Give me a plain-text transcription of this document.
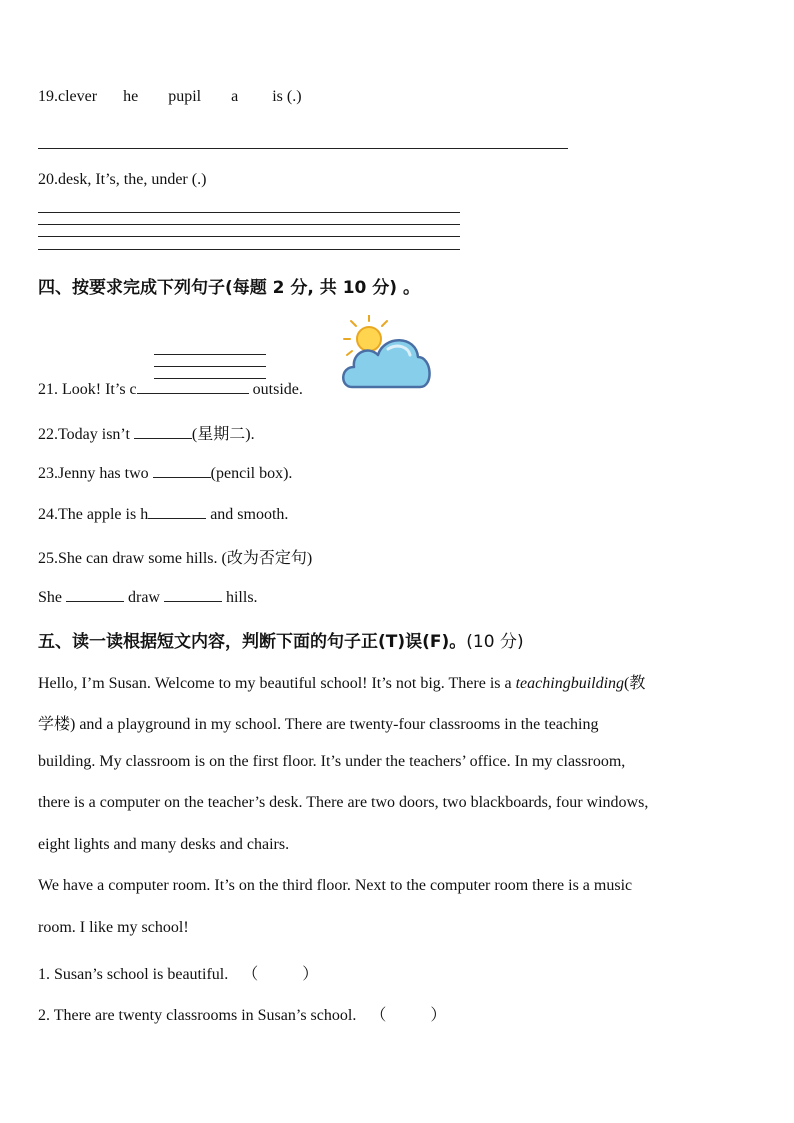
19.clever he pupil a is (.)
20.desk, It’s, the, under (.)
四、按要求完成下列句子(每题 2 分, 共 10 分) 。
21. Look! It’s c	outside.
22.Today isn’t	(星期二).
23.Jenny has two	(pencil box).
24.The apple is h	and smooth.
25.She can draw some hills. (改为否定句)
She	draw	hills.
五、读一读根据短文内容，判断下面的句子正(T)误(F)。(10 分)
Hello, I’m Susan. Welcome to my beautiful school! It’s not big. There is a teachingbuilding(教
学楼) and a playground in my school. There are twenty-four classrooms in the teaching
building. My classroom is on the first floor. It’s under the teachers’ office. In my classroom,
there is a computer on the teacher’s desk. There are two doors, two blackboards, four windows,
eight lights and many desks and chairs.
We have a computer room. It’s on the third floor. Next to the computer room there is a music
room. I like my school!
1. Susan’s school is beautiful. （	）
2. There are twenty classrooms in Susan’s school. （	）
